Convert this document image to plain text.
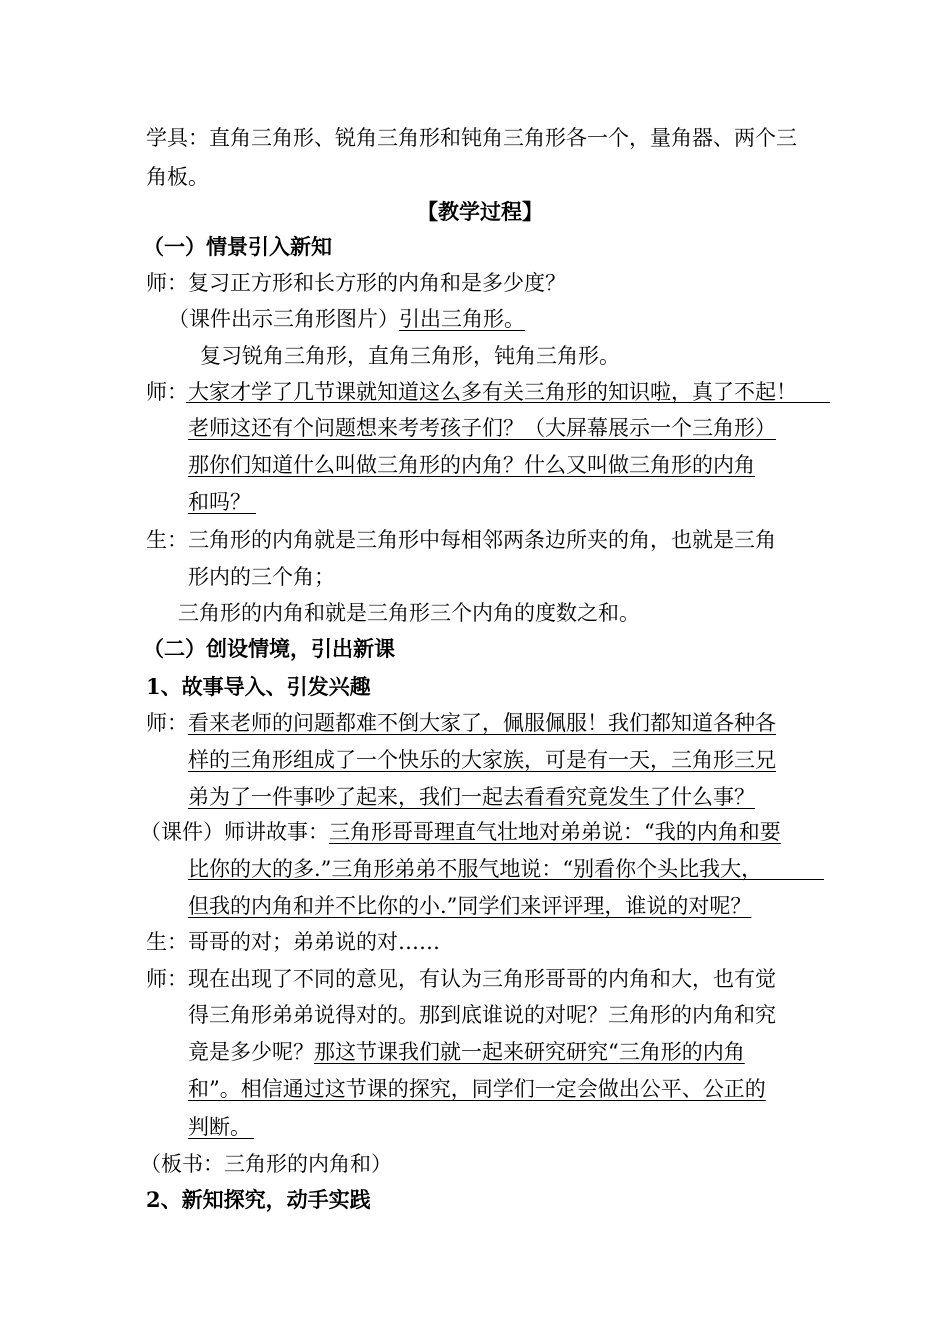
学具：直角三角形、锐角三角形和钝角三角形各一个，量角器、两个三
角板。
【教学过程】
（一）情景引入新知
师：复习正方形和长方形的内角和是多少度？
（课件出示三角形图片）引出三角形。
复习锐角三角形，直角三角形，钝角三角形。
师：大家才学了几节课就知道这么多有关三角形的知识啦，真了不起！
老师这还有个问题想来考考孩子们？（大屏幕展示一个三角形）
那你们知道什么叫做三角形的内角？什么又叫做三角形的内角
和吗？
生：三角形的内角就是三角形中每相邻两条边所夹的角，也就是三角
形内的三个角；
三角形的内角和就是三角形三个内角的度数之和。
（二）创设情境，引出新课
1、故事导入、引发兴趣
师：看来老师的问题都难不倒大家了，佩服佩服！我们都知道各种各
样的三角形组成了一个快乐的大家族，可是有一天，三角形三兄
弟为了一件事吵了起来，我们一起去看看究竟发生了什么事？
（课件）师讲故事：三角形哥哥理直气壮地对弟弟说：“我的内角和要
比你的大的多.”三角形弟弟不服气地说：“别看你个头比我大，
但我的内角和并不比你的小.”同学们来评评理，谁说的对呢？
生：哥哥的对；弟弟说的对……
师：现在出现了不同的意见，有认为三角形哥哥的内角和大，也有觉
得三角形弟弟说得对的。那到底谁说的对呢？三角形的内角和究
竟是多少呢？那这节课我们就一起来研究研究“三角形的内角
和”。相信通过这节课的探究，同学们一定会做出公平、公正的
判断。
（板书：三角形的内角和）
2、新知探究，动手实践
